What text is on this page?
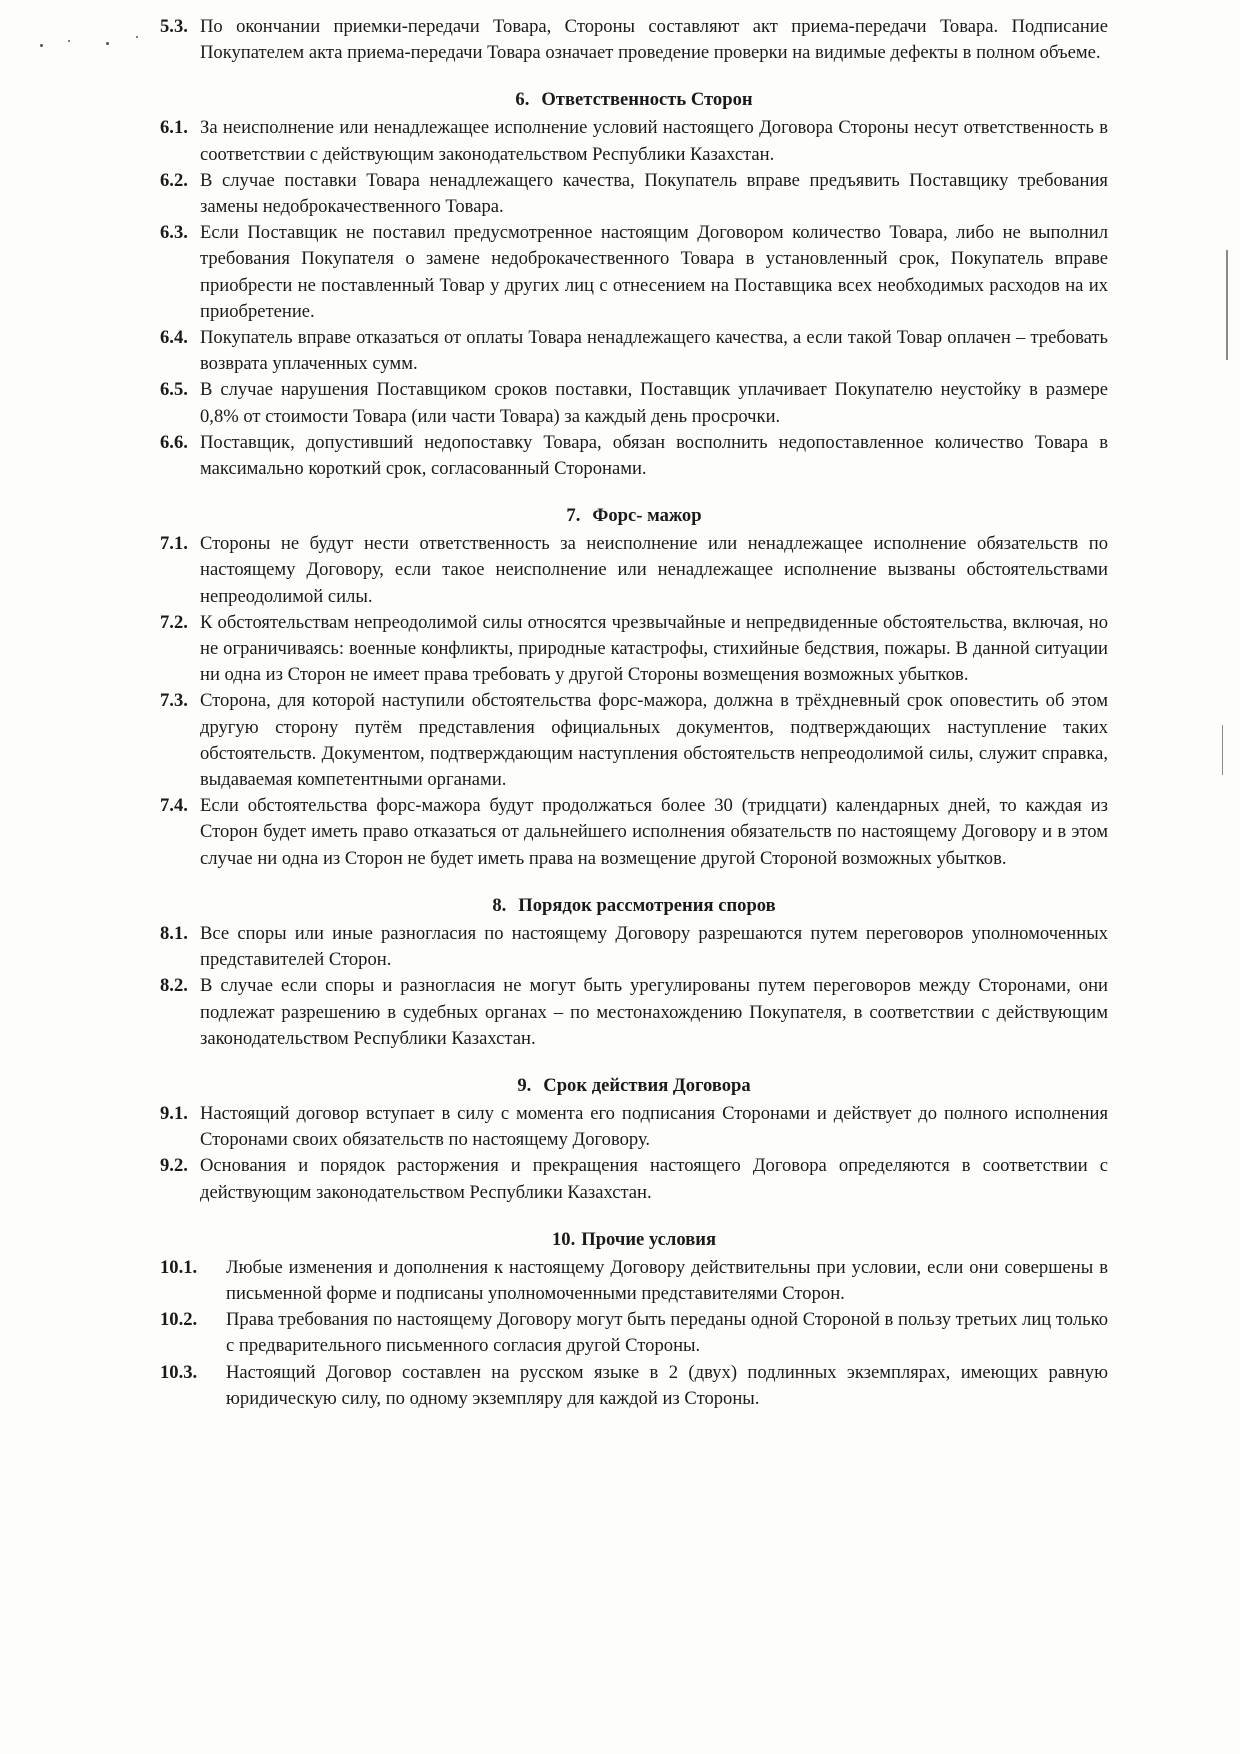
5.3. По окончании приемки-передачи Товара, Стороны составляют акт приема-передачи Товара. Подписание Покупателем акта приема-передачи Товара означает проведение проверки на видимые дефекты в полном объеме.

6. Ответственность Сторон

6.1. За неисполнение или ненадлежащее исполнение условий настоящего Договора Стороны несут ответственность в соответствии с действующим законодательством Республики Казахстан.

6.2. В случае поставки Товара ненадлежащего качества, Покупатель вправе предъявить Поставщику требования замены недоброкачественного Товара.

6.3. Если Поставщик не поставил предусмотренное настоящим Договором количество Товара, либо не выполнил требования Покупателя о замене недоброкачественного Товара в установленный срок, Покупатель вправе приобрести не поставленный Товар у других лиц с отнесением на Поставщика всех необходимых расходов на их приобретение.

6.4. Покупатель вправе отказаться от оплаты Товара ненадлежащего качества, а если такой Товар оплачен – требовать возврата уплаченных сумм.

6.5. В случае нарушения Поставщиком сроков поставки, Поставщик уплачивает Покупателю неустойку в размере 0,8% от стоимости Товара (или части Товара) за каждый день просрочки.

6.6. Поставщик, допустивший недопоставку Товара, обязан восполнить недопоставленное количество Товара в максимально короткий срок, согласованный Сторонами.

7. Форс- мажор

7.1. Стороны не будут нести ответственность за неисполнение или ненадлежащее исполнение обязательств по настоящему Договору, если такое неисполнение или ненадлежащее исполнение вызваны обстоятельствами непреодолимой силы.

7.2. К обстоятельствам непреодолимой силы относятся чрезвычайные и непредвиденные обстоятельства, включая, но не ограничиваясь: военные конфликты, природные катастрофы, стихийные бедствия, пожары. В данной ситуации ни одна из Сторон не имеет права требовать у другой Стороны возмещения возможных убытков.

7.3. Сторона, для которой наступили обстоятельства форс-мажора, должна в трёхдневный срок оповестить об этом другую сторону путём представления официальных документов, подтверждающих наступление таких обстоятельств. Документом, подтверждающим наступления обстоятельств непреодолимой силы, служит справка, выдаваемая компетентными органами.

7.4. Если обстоятельства форс-мажора будут продолжаться более 30 (тридцати) календарных дней, то каждая из Сторон будет иметь право отказаться от дальнейшего исполнения обязательств по настоящему Договору и в этом случае ни одна из Сторон не будет иметь права на возмещение другой Стороной возможных убытков.

8. Порядок рассмотрения споров

8.1. Все споры или иные разногласия по настоящему Договору разрешаются путем переговоров уполномоченных представителей Сторон.

8.2. В случае если споры и разногласия не могут быть урегулированы путем переговоров между Сторонами, они подлежат разрешению в судебных органах – по местонахождению Покупателя, в соответствии с действующим законодательством Республики Казахстан.

9. Срок действия Договора

9.1. Настоящий договор вступает в силу с момента его подписания Сторонами и действует до полного исполнения Сторонами своих обязательств по настоящему Договору.

9.2. Основания и порядок расторжения и прекращения настоящего Договора определяются в соответствии с действующим законодательством Республики Казахстан.

10. Прочие условия

10.1.	Любые изменения и дополнения к настоящему Договору действительны при условии, если они совершены в письменной форме и подписаны уполномоченными представителями Сторон.

10.2.	Права требования по настоящему Договору могут быть переданы одной Стороной в пользу третьих лиц только с предварительного письменного согласия другой Стороны.

10.3.	Настоящий Договор составлен на русском языке в 2 (двух) подлинных экземплярах, имеющих равную юридическую силу, по одному экземпляру для каждой из Стороны.
